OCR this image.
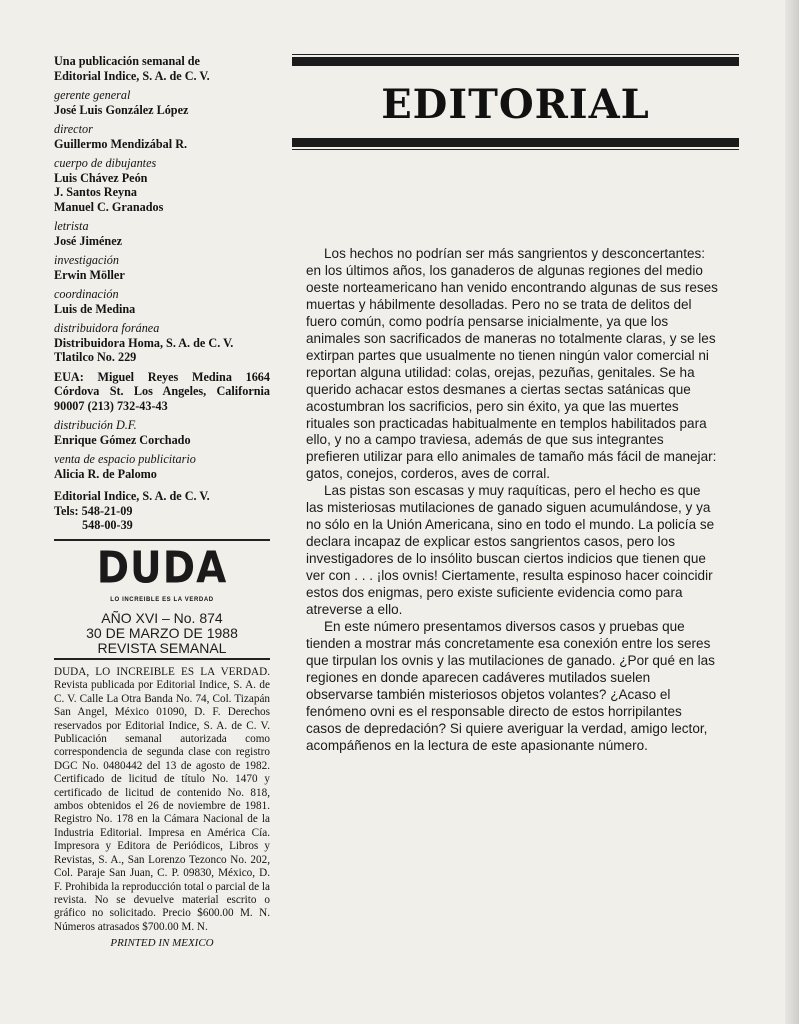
Una publicación semanal de
Editorial Indice, S. A. de C. V.
gerente general
José Luis González López
director
Guillermo Mendizábal R.
cuerpo de dibujantes
Luis Chávez Peón
J. Santos Reyna
Manuel C. Granados
letrista
José Jiménez
investigación
Erwin Möller
coordinación
Luis de Medina
distribuidora foránea
Distribuidora Homa, S. A. de C. V.
Tlatilco No. 229
EUA: Miguel Reyes Medina 1664 Córdova St. Los Angeles, California 90007 (213) 732-43-43
distribución D.F.
Enrique Gómez Corchado
venta de espacio publicitario
Alicia R. de Palomo
Editorial Indice, S. A. de C. V.
Tels: 548-21-09
548-00-39
DUDA
LO INCREIBLE ES LA VERDAD
AÑO XVI – No. 874
30 DE MARZO DE 1988
REVISTA SEMANAL
DUDA, LO INCREIBLE ES LA VERDAD. Revista publicada por Editorial Indice, S. A. de C. V. Calle La Otra Banda No. 74, Col. Tizapán San Angel, México 01090, D. F. Derechos reservados por Editorial Indice, S. A. de C. V. Publicación semanal autorizada como correspondencia de segunda clase con registro DGC No. 0480442 del 13 de agosto de 1982. Certificado de licitud de título No. 1470 y certificado de licitud de contenido No. 818, ambos obtenidos el 26 de noviembre de 1981. Registro No. 178 en la Cámara Nacional de la Industria Editorial. Impresa en América Cía. Impresora y Editora de Periódicos, Libros y Revistas, S. A., San Lorenzo Tezonco No. 202, Col. Paraje San Juan, C. P. 09830, México, D. F. Prohibida la reproducción total o parcial de la revista. No se devuelve material escrito o gráfico no solicitado. Precio $600.00 M. N. Números atrasados $700.00 M. N.
PRINTED IN MEXICO
EDITORIAL

Los hechos no podrían ser más sangrientos y desconcertantes: en los últimos años, los ganaderos de algunas regiones del medio oeste norteamericano han venido encontrando algunas de sus reses muertas y hábilmente desolladas. Pero no se trata de delitos del fuero común, como podría pensarse inicialmente, ya que los animales son sacrificados de maneras no totalmente claras, y se les extirpan partes que usualmente no tienen ningún valor comercial ni reportan alguna utilidad: colas, orejas, pezuñas, genitales. Se ha querido achacar estos desmanes a ciertas sectas satánicas que acostumbran los sacrificios, pero sin éxito, ya que las muertes rituales son practicadas habitualmente en templos habilitados para ello, y no a campo traviesa, además de que sus integrantes prefieren utilizar para ello animales de tamaño más fácil de manejar: gatos, conejos, corderos, aves de corral.

Las pistas son escasas y muy raquíticas, pero el hecho es que las misteriosas mutilaciones de ganado siguen acumulándose, y ya no sólo en la Unión Americana, sino en todo el mundo. La policía se declara incapaz de explicar estos sangrientos casos, pero los investigadores de lo insólito buscan ciertos indicios que tienen que ver con . . . ¡los ovnis! Ciertamente, resulta espinoso hacer coincidir estos dos enigmas, pero existe suficiente evidencia como para atreverse a ello.

En este número presentamos diversos casos y pruebas que tienden a mostrar más concretamente esa conexión entre los seres que tirpulan los ovnis y las mutilaciones de ganado. ¿Por qué en las regiones en donde aparecen cadáveres mutilados suelen observarse también misteriosos objetos volantes? ¿Acaso el fenómeno ovni es el responsable directo de estos horripilantes casos de depredación? Si quiere averiguar la verdad, amigo lector, acompáñenos en la lectura de este apasionante número.
